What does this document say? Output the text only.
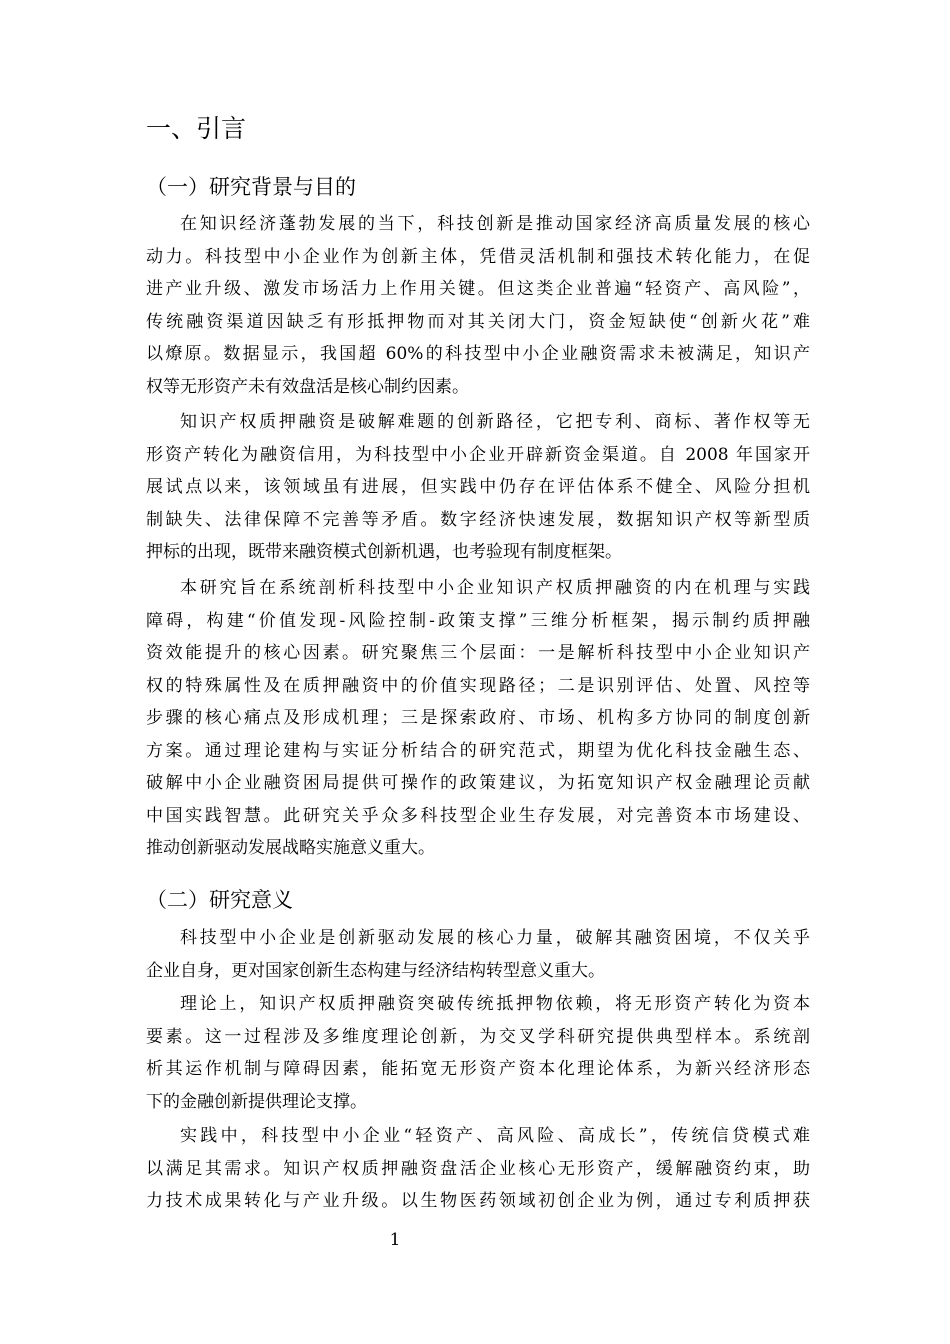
一、引言
（一）研究背景与目的
在知识经济蓬勃发展的当下，科技创新是推动国家经济高质量发展的核心
动力。科技型中小企业作为创新主体，凭借灵活机制和强技术转化能力，在促
进产业升级、激发市场活力上作用关键。但这类企业普遍“轻资产、高风险”，
传统融资渠道因缺乏有形抵押物而对其关闭大门，资金短缺使“创新火花”难
以燎原。数据显示，我国超 60%的科技型中小企业融资需求未被满足，知识产
权等无形资产未有效盘活是核心制约因素。
知识产权质押融资是破解难题的创新路径，它把专利、商标、著作权等无
形资产转化为融资信用，为科技型中小企业开辟新资金渠道。自 2008 年国家开
展试点以来，该领域虽有进展，但实践中仍存在评估体系不健全、风险分担机
制缺失、法律保障不完善等矛盾。数字经济快速发展，数据知识产权等新型质
押标的出现，既带来融资模式创新机遇，也考验现有制度框架。
本研究旨在系统剖析科技型中小企业知识产权质押融资的内在机理与实践
障碍，构建“价值发现-风险控制-政策支撑”三维分析框架，揭示制约质押融
资效能提升的核心因素。研究聚焦三个层面：一是解析科技型中小企业知识产
权的特殊属性及在质押融资中的价值实现路径；二是识别评估、处置、风控等
步骤的核心痛点及形成机理；三是探索政府、市场、机构多方协同的制度创新
方案。通过理论建构与实证分析结合的研究范式，期望为优化科技金融生态、
破解中小企业融资困局提供可操作的政策建议，为拓宽知识产权金融理论贡献
中国实践智慧。此研究关乎众多科技型企业生存发展，对完善资本市场建设、
推动创新驱动发展战略实施意义重大。
（二）研究意义
科技型中小企业是创新驱动发展的核心力量，破解其融资困境，不仅关乎
企业自身，更对国家创新生态构建与经济结构转型意义重大。
理论上，知识产权质押融资突破传统抵押物依赖，将无形资产转化为资本
要素。这一过程涉及多维度理论创新，为交叉学科研究提供典型样本。系统剖
析其运作机制与障碍因素，能拓宽无形资产资本化理论体系，为新兴经济形态
下的金融创新提供理论支撑。
实践中，科技型中小企业“轻资产、高风险、高成长”，传统信贷模式难
以满足其需求。知识产权质押融资盘活企业核心无形资产，缓解融资约束，助
力技术成果转化与产业升级。以生物医药领域初创企业为例，通过专利质押获
1
